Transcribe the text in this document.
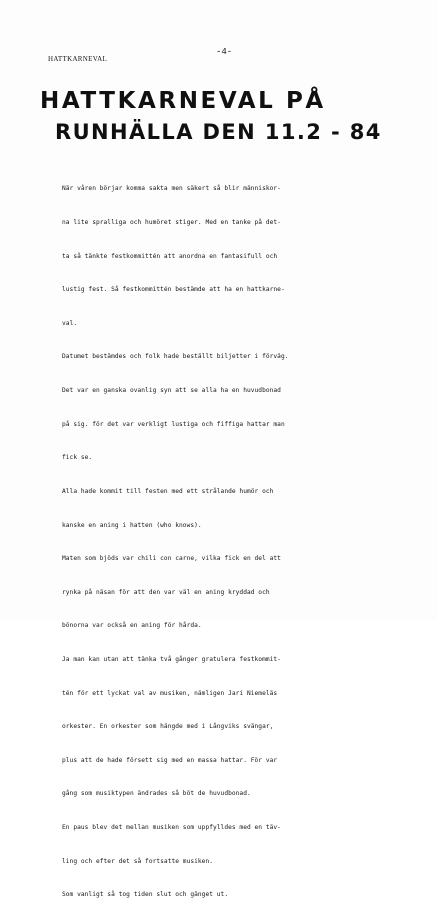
HATTKARNEVAL
-4-
HATTKARNEVAL PÅ
RUNHÄLLA DEN 11.2 - 84

När våren börjar komma sakta men säkert så blir människor-

na lite spralliga och humöret stiger. Med en tanke på det-

ta så tänkte festkommittén att anordna en fantasifull och

lustig fest. Så festkommittén bestämde att ha en hattkarne-

val.

Datumet bestämdes och folk hade beställt biljetter i förväg.

Det var en ganska ovanlig syn att se alla ha en huvudbonad

på sig. för det var verkligt lustiga och fiffiga hattar man

fick se.

Alla hade kommit till festen med ett strålande humör och

kanske en aning i hatten (who knows).

Maten som bjöds var chili con carne, vilka fick en del att

rynka på näsan för att den var väl en aning kryddad och

bönorna var också en aning för hårda.

Ja man kan utan att tänka två gånger gratulera festkommit-

tén för ett lyckat val av musiken, nämligen Jari Niemeläs

orkester. En orkester som hängde med i Långviks svängar,

plus att de hade försett sig med en massa hattar. För var

gång som musiktypen ändrades så böt de huvudbonad.

En paus blev det mellan musiken som uppfylldes med en täv-

ling och efter det så fortsatte musiken.

Som vanligt så tog tiden slut och gänget ut.
